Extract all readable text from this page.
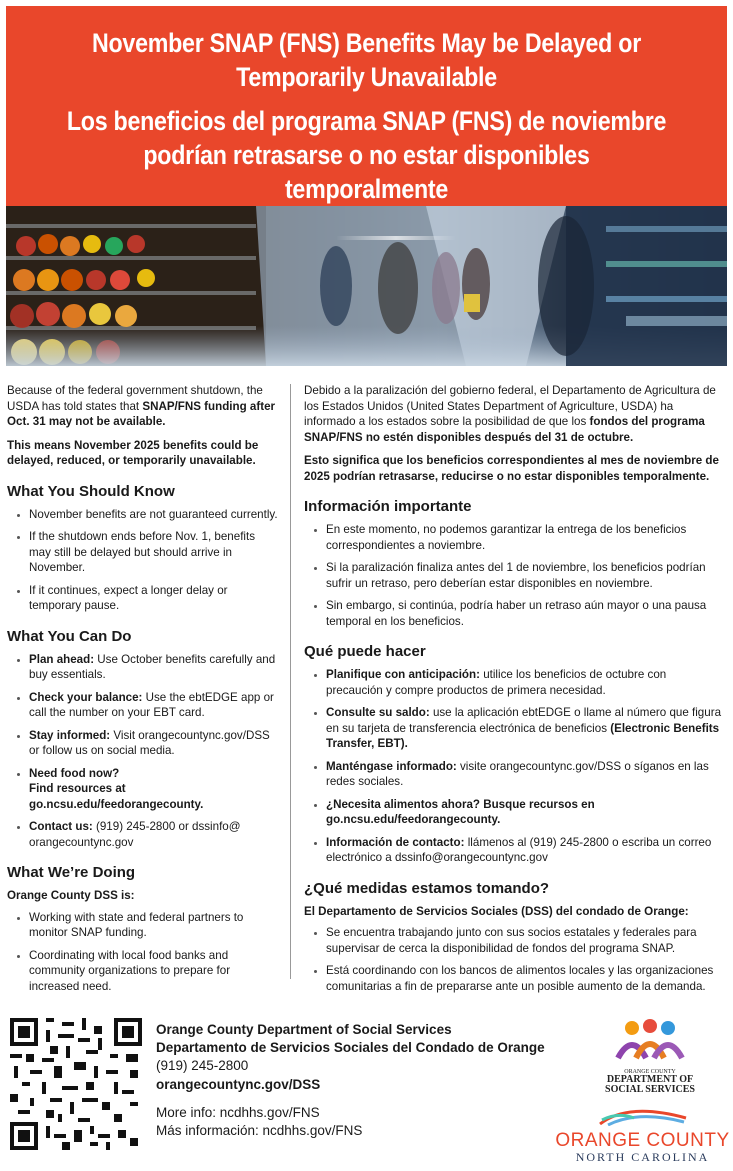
November SNAP (FNS) Benefits May be Delayed or Temporarily Unavailable
Los beneficios del programa SNAP (FNS) de noviembre podrían retrasarse o no estar disponibles temporalmente

Because of the federal government shutdown, the USDA has told states that SNAP/FNS funding after Oct. 31 may not be available.

This means November 2025 benefits could be delayed, reduced, or temporarily unavailable.

What You Should Know
• November benefits are not guaranteed currently.
• If the shutdown ends before Nov. 1, benefits may still be delayed but should arrive in November.
• If it continues, expect a longer delay or temporary pause.
What You Can Do
• Plan ahead: Use October benefits carefully and buy essentials.
• Check your balance: Use the ebtEDGE app or call the number on your EBT card.
• Stay informed: Visit orangecountync.gov/DSS or follow us on social media.
• Need food now?
Find resources at go.ncsu.edu/feedorangecounty.
• Contact us: (919) 245-2800 or dssinfo@ orangecountync.gov
What We’re Doing
Orange County DSS is:
• Working with state and federal partners to monitor SNAP funding.
• Coordinating with local food banks and community organizations to prepare for increased need.

Debido a la paralización del gobierno federal, el Departamento de Agricultura de los Estados Unidos (United States Department of Agriculture, USDA) ha informado a los estados sobre la posibilidad de que los fondos del programa SNAP/FNS no estén disponibles después del 31 de octubre.

Esto significa que los beneficios correspondientes al mes de noviembre de 2025 podrían retrasarse, reducirse o no estar disponibles temporalmente.

Información importante
• En este momento, no podemos garantizar la entrega de los beneficios correspondientes a noviembre.
• Si la paralización finaliza antes del 1 de noviembre, los beneficios podrían sufrir un retraso, pero deberían estar disponibles en noviembre.
• Sin embargo, si continúa, podría haber un retraso aún mayor o una pausa temporal en los beneficios.
Qué puede hacer
• Planifique con anticipación: utilice los beneficios de octubre con precaución y compre productos de primera necesidad.
• Consulte su saldo: use la aplicación ebtEDGE o llame al número que figura en su tarjeta de transferencia electrónica de beneficios (Electronic Benefits Transfer, EBT).
• Manténgase informado: visite orangecountync.gov/DSS o síganos en las redes sociales.
• ¿Necesita alimentos ahora? Busque recursos en go.ncsu.edu/feedorangecounty.
• Información de contacto: llámenos al (919) 245-2800 o escriba un correo electrónico a dssinfo@orangecountync.gov
¿Qué medidas estamos tomando?
El Departamento de Servicios Sociales (DSS) del condado de Orange:
• Se encuentra trabajando junto con sus socios estatales y federales para supervisar de cerca la disponibilidad de fondos del programa SNAP.
• Está coordinando con los bancos de alimentos locales y las organizaciones comunitarias a fin de prepararse ante un posible aumento de la demanda.
Orange County Department of Social Services
Departamento de Servicios Sociales del Condado de Orange
(919) 245-2800
orangecountync.gov/DSS
More info: ncdhhs.gov/FNS
Más información: ncdhhs.gov/FNS
ORANGE COUNTY
DEPARTMENT OF
SOCIAL SERVICES
ORANGE COUNTY
NORTH CAROLINA
